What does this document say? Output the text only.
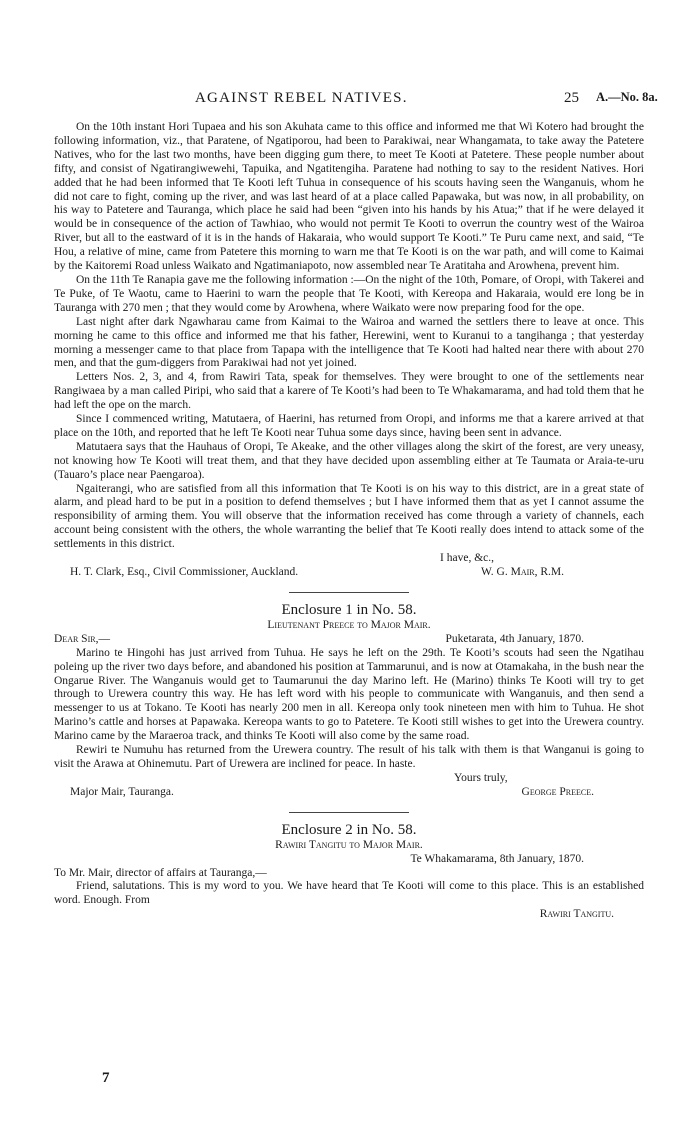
AGAINST REBEL NATIVES.	25 A.—No. 8a.

On the 10th instant Hori Tupaea and his son Akuhata came to this office and informed me that Wi Kotero had brought the following information, viz., that Paratene, of Ngatiporou, had been to Parakiwai, near Whangamata, to take away the Patetere Natives, who for the last two months, have been digging gum there, to meet Te Kooti at Patetere. These people number about fifty, and consist of Ngatirangiwewehi, Tapuika, and Ngatitengiha. Paratene had nothing to say to the resident Natives. Hori added that he had been informed that Te Kooti left Tuhua in consequence of his scouts having seen the Wanganuis, whom he did not care to fight, coming up the river, and was last heard of at a place called Papawaka, but was now, in all probability, on his way to Patetere and Tauranga, which place he said had been “given into his hands by his Atua;” that if he were delayed it would be in consequence of the action of Tawhiao, who would not permit Te Kooti to overrun the country west of the Wairoa River, but all to the eastward of it is in the hands of Hakaraia, who would support Te Kooti.” Te Puru came next, and said, “Te Hou, a relative of mine, came from Patetere this morning to warn me that Te Kooti is on the war path, and will come to Kaimai by the Kaitoremi Road unless Waikato and Ngatimaniapoto, now assembled near Te Aratitaha and Arowhena, prevent him.

On the 11th Te Ranapia gave me the following information :—On the night of the 10th, Pomare, of Oropi, with Takerei and Te Puke, of Te Waotu, came to Haerini to warn the people that Te Kooti, with Kereopa and Hakaraia, would ere long be in Tauranga with 270 men ; that they would come by Arowhena, where Waikato were now preparing food for the ope.

Last night after dark Ngawharau came from Kaimai to the Wairoa and warned the settlers there to leave at once. This morning he came to this office and informed me that his father, Herewini, went to Kuranui to a tangihanga ; that yesterday morning a messenger came to that place from Tapapa with the intelligence that Te Kooti had halted near there with about 270 men, and that the gum-diggers from Parakiwai had not yet joined.

Letters Nos. 2, 3, and 4, from Rawiri Tata, speak for themselves. They were brought to one of the settlements near Rangiwaea by a man called Piripi, who said that a karere of Te Kooti’s had been to Te Whakamarama, and had told them that he had left the ope on the march.

Since I commenced writing, Matutaera, of Haerini, has returned from Oropi, and informs me that a karere arrived at that place on the 10th, and reported that he left Te Kooti near Tuhua some days since, having been sent in advance.

Matutaera says that the Hauhaus of Oropi, Te Akeake, and the other villages along the skirt of the forest, are very uneasy, not knowing how Te Kooti will treat them, and that they have decided upon assembling either at Te Taumata or Araia-te-uru (Tauaro’s place near Paengaroa).

Ngaiterangi, who are satisfied from all this information that Te Kooti is on his way to this district, are in a great state of alarm, and plead hard to be put in a position to defend themselves ; but I have informed them that as yet I cannot assume the responsibility of arming them. You will observe that the information received has come through a variety of channels, each account being consistent with the others, the whole warranting the belief that Te Kooti really does intend to attack some of the settlements in this district.

I have, &c.,
H. T. Clark, Esq., Civil Commissioner, Auckland.	W. G. Mair, R.M.
Enclosure 1 in No. 58.
Lieutenant Preece to Major Mair.
Dear Sir,—	Puketarata, 4th January, 1870.

Marino te Hingohi has just arrived from Tuhua. He says he left on the 29th. Te Kooti’s scouts had seen the Ngatihau poleing up the river two days before, and abandoned his position at Tammarunui, and is now at Otamakaha, in the bush near the Ongarue River. The Wanganuis would get to Taumarunui the day Marino left. He (Marino) thinks Te Kooti will try to get through to Urewera country this way. He has left word with his people to communicate with Wanganuis, and then send a messenger to us at Tokano. Te Kooti has nearly 200 men in all. Kereopa only took nineteen men with him to Tuhua. He shot Marino’s cattle and horses at Papawaka. Kereopa wants to go to Patetere. Te Kooti still wishes to get into the Urewera country. Marino came by the Maraeroa track, and thinks Te Kooti will also come by the same road.

Rewiri te Numuhu has returned from the Urewera country. The result of his talk with them is that Wanganui is going to visit the Arawa at Ohinemutu. Part of Urewera are inclined for peace. In haste.

Yours truly,
Major Mair, Tauranga.	George Preece.
Enclosure 2 in No. 58.
Rawiri Tangitu to Major Mair.
Te Whakamarama, 8th January, 1870.
To Mr. Mair, director of affairs at Tauranga,—

Friend, salutations. This is my word to you. We have heard that Te Kooti will come to this place. This is an established word. Enough. From

Rawiri Tangitu.
7
